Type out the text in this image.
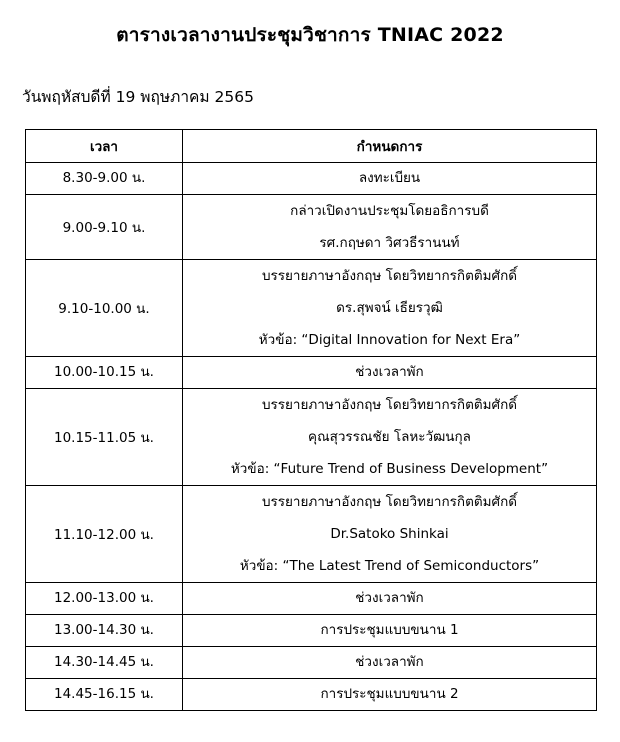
ตารางเวลางานประชุมวิชาการ TNIAC 2022
วันพฤหัสบดีที่ 19 พฤษภาคม 2565
เวลา	กำหนดการ
8.30-9.00 น.	ลงทะเบียน
9.00-9.10 น.	กล่าวเปิดงานประชุมโดยอธิการบดี
รศ.กฤษดา วิศวธีรานนท์

9.10-10.00 น.	บรรยายภาษาอังกฤษ โดยวิทยากรกิตติมศักดิ์
ดร.สุพจน์ เธียรวุฒิ
หัวข้อ: “Digital Innovation for Next Era”

10.00-10.15 น.	ช่วงเวลาพัก
10.15-11.05 น.	บรรยายภาษาอังกฤษ โดยวิทยากรกิตติมศักดิ์
คุณสุวรรณชัย โลหะวัฒนกุล
หัวข้อ: “Future Trend of Business Development”

11.10-12.00 น.	บรรยายภาษาอังกฤษ โดยวิทยากรกิตติมศักดิ์
Dr.Satoko Shinkai
หัวข้อ: “The Latest Trend of Semiconductors”

12.00-13.00 น.	ช่วงเวลาพัก
13.00-14.30 น.	การประชุมแบบขนาน 1
14.30-14.45 น.	ช่วงเวลาพัก
14.45-16.15 น.	การประชุมแบบขนาน 2
